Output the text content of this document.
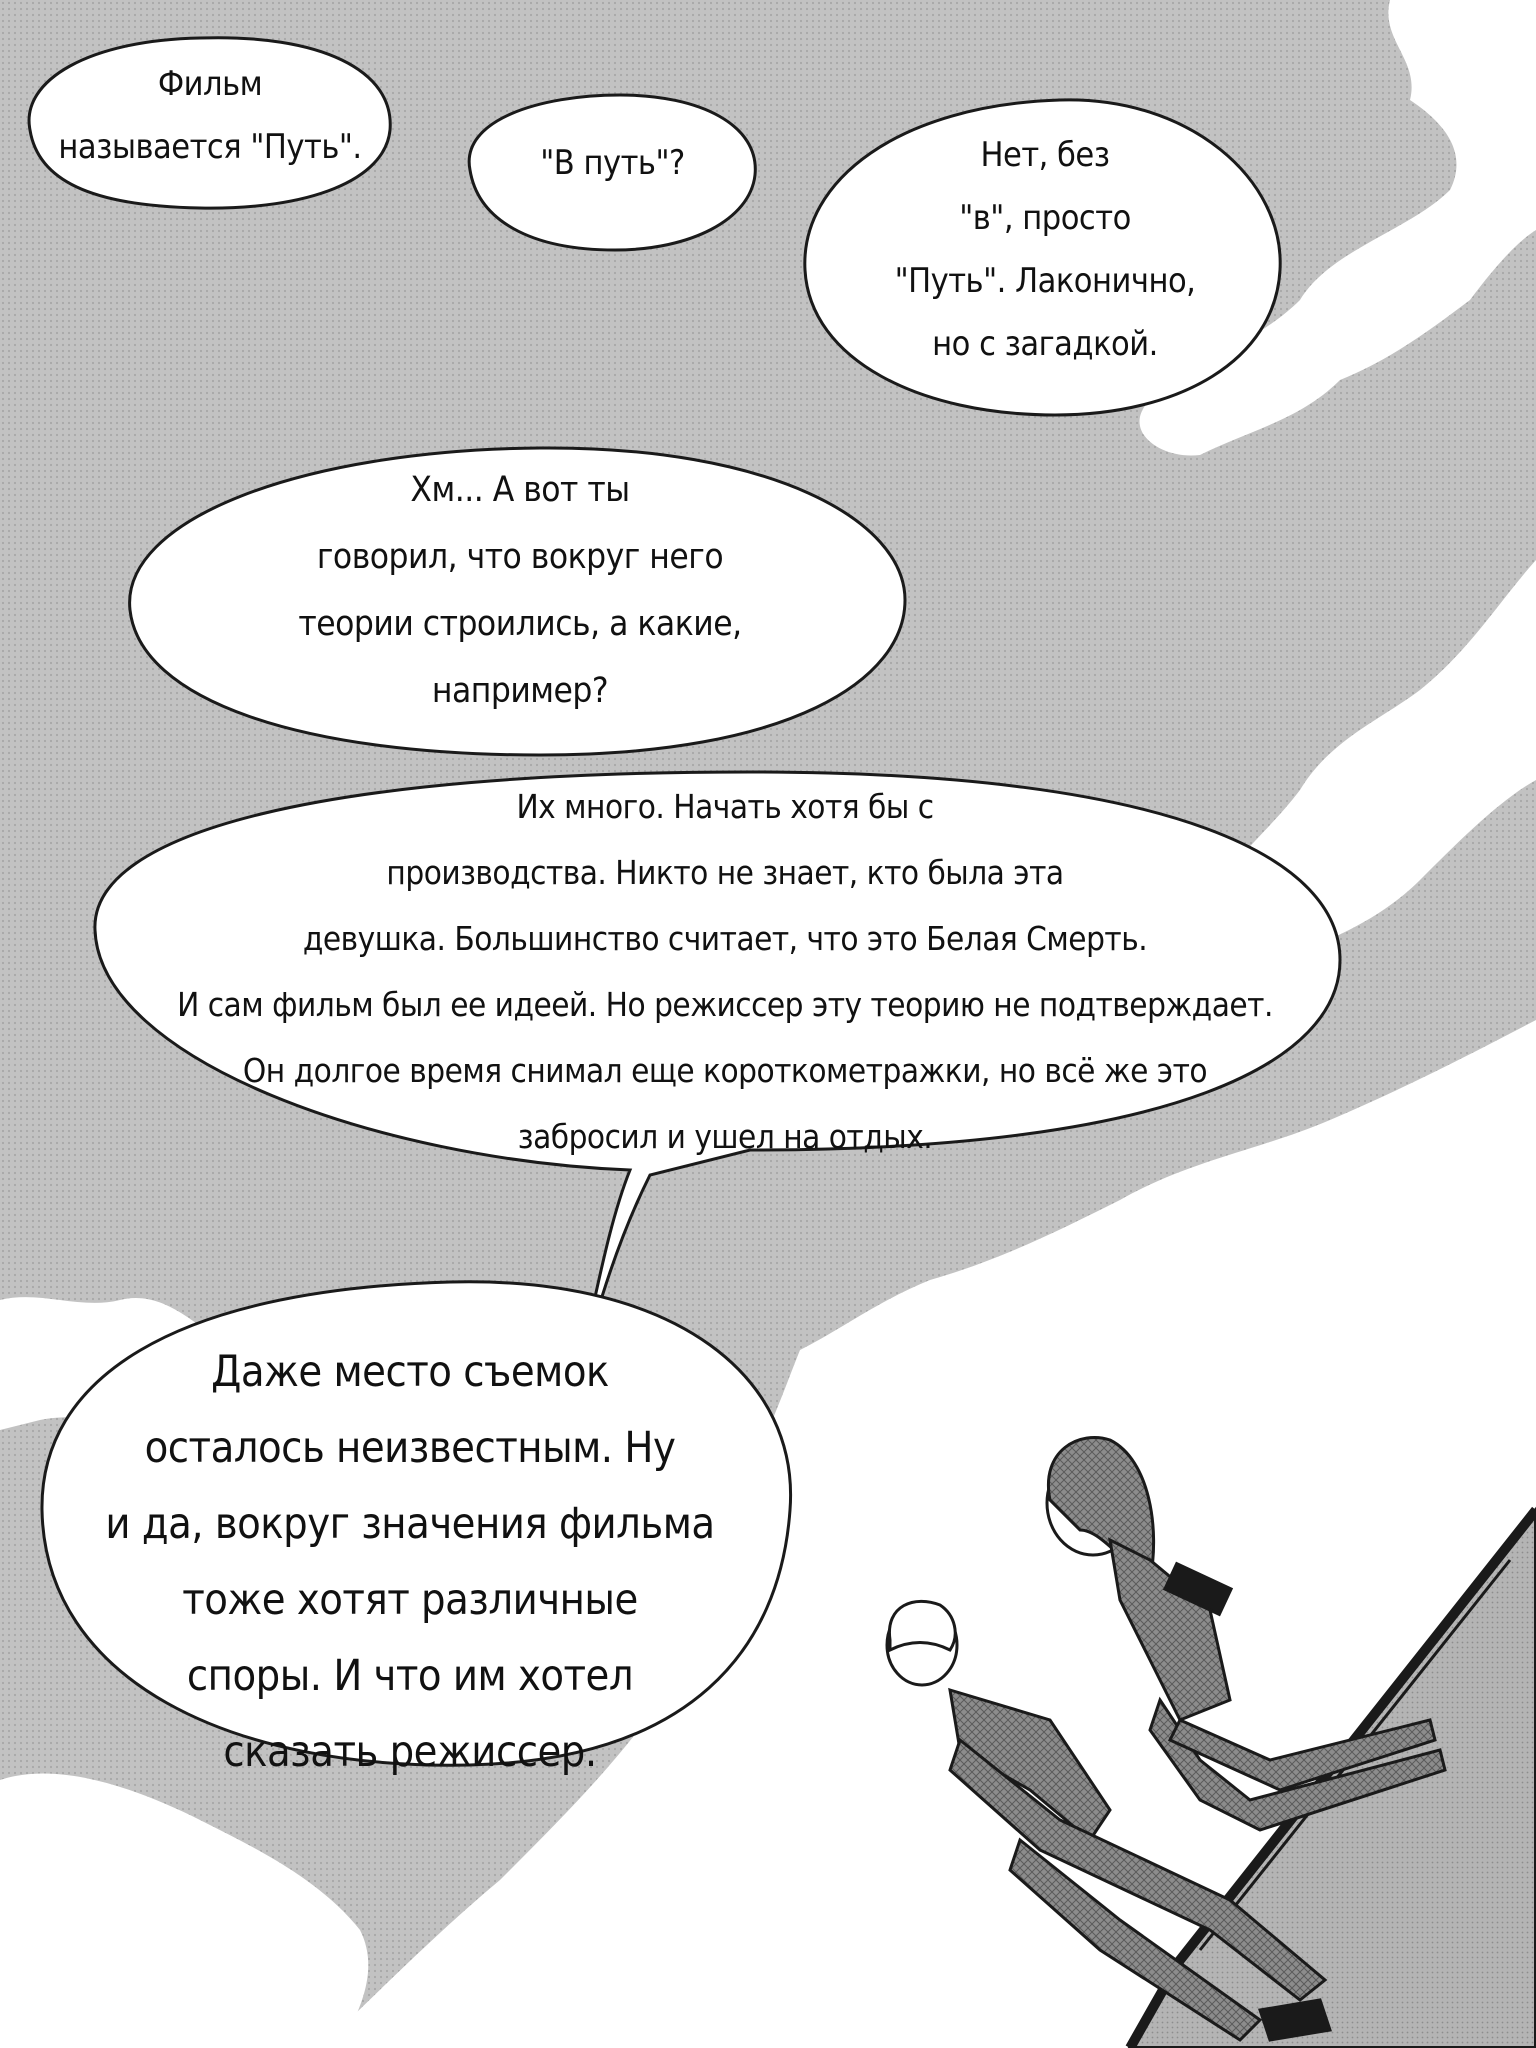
Фильм
называется "Путь".	"В путь"?	Нет, без
"в", просто
"Путь". Лаконично,
но с загадкой.

Хм... А вот ты
говорил, что вокруг него
теории строились, а какие,
например?

Их много. Начать хотя бы с
производства. Никто не знает, кто была эта
девушка. Большинство считает, что это Белая Смерть.
И сам фильм был ее идеей. Но режиссер эту теорию не подтверждает.
Он долгое время снимал еще короткометражки, но всё же это
забросил и ушел на отдых.

Даже место съемок
осталось неизвестным. Ну
и да, вокруг значения фильма
тоже хотят различные
споры. И что им хотел
сказать режиссер.
